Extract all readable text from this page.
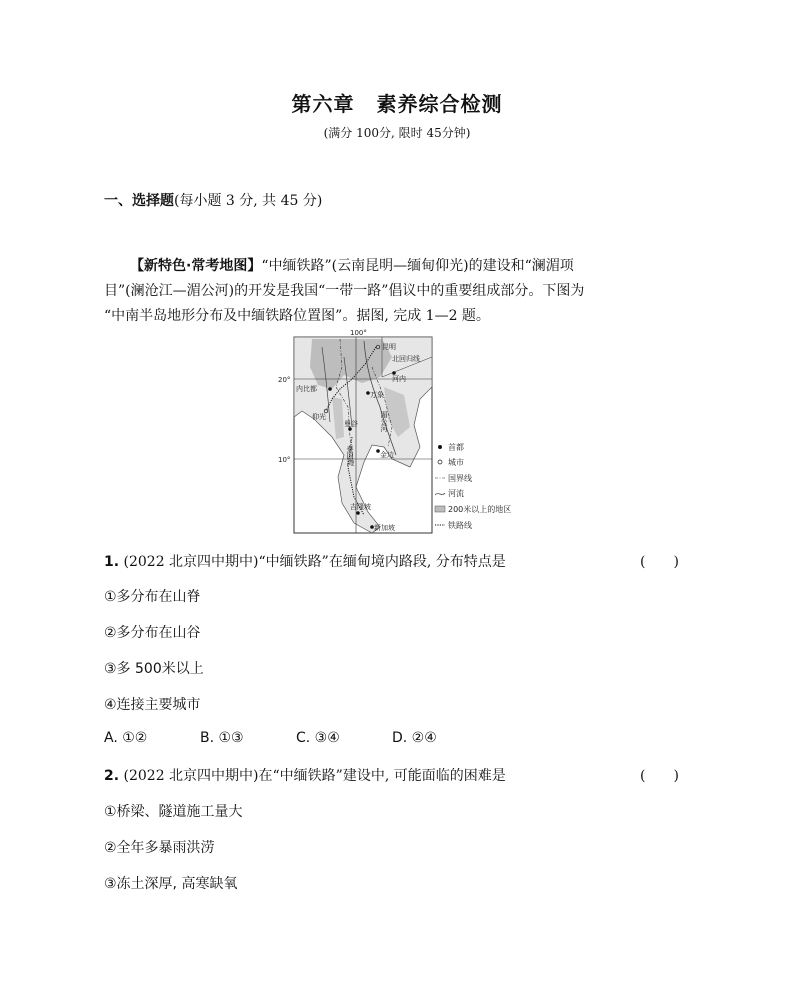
第六章 素养综合检测
(满分 100分, 限时 45分钟)
一、选择题(每小题 3 分, 共 45 分)
【新特色·常考地图】“中缅铁路”(云南昆明—缅甸仰光)的建设和“澜湄项
目”(澜沧江—湄公河)的开发是我国“一带一路”倡议中的重要组成部分。下图为
“中南半岛地形分布及中缅铁路位置图”。据图, 完成 1—2 题。
100°
20°
10°
昆明
北回归线
河内
内比都
万象
仰光
曼谷
金边
湄公河
泰国湾
吉隆坡
新加坡
首都
城市
国界线
河流
200米以上的地区
铁路线
1. (2022 北京四中期中)“中缅铁路”在缅甸境内路段, 分布特点是	(　　)
①多分布在山脊
②多分布在山谷
③多 500米以上
④连接主要城市
A. ①②	B. ①③	C. ③④	D. ②④
2. (2022 北京四中期中)在“中缅铁路”建设中, 可能面临的困难是	(　　)
①桥梁、隧道施工量大
②全年多暴雨洪涝
③冻土深厚, 高寒缺氧
